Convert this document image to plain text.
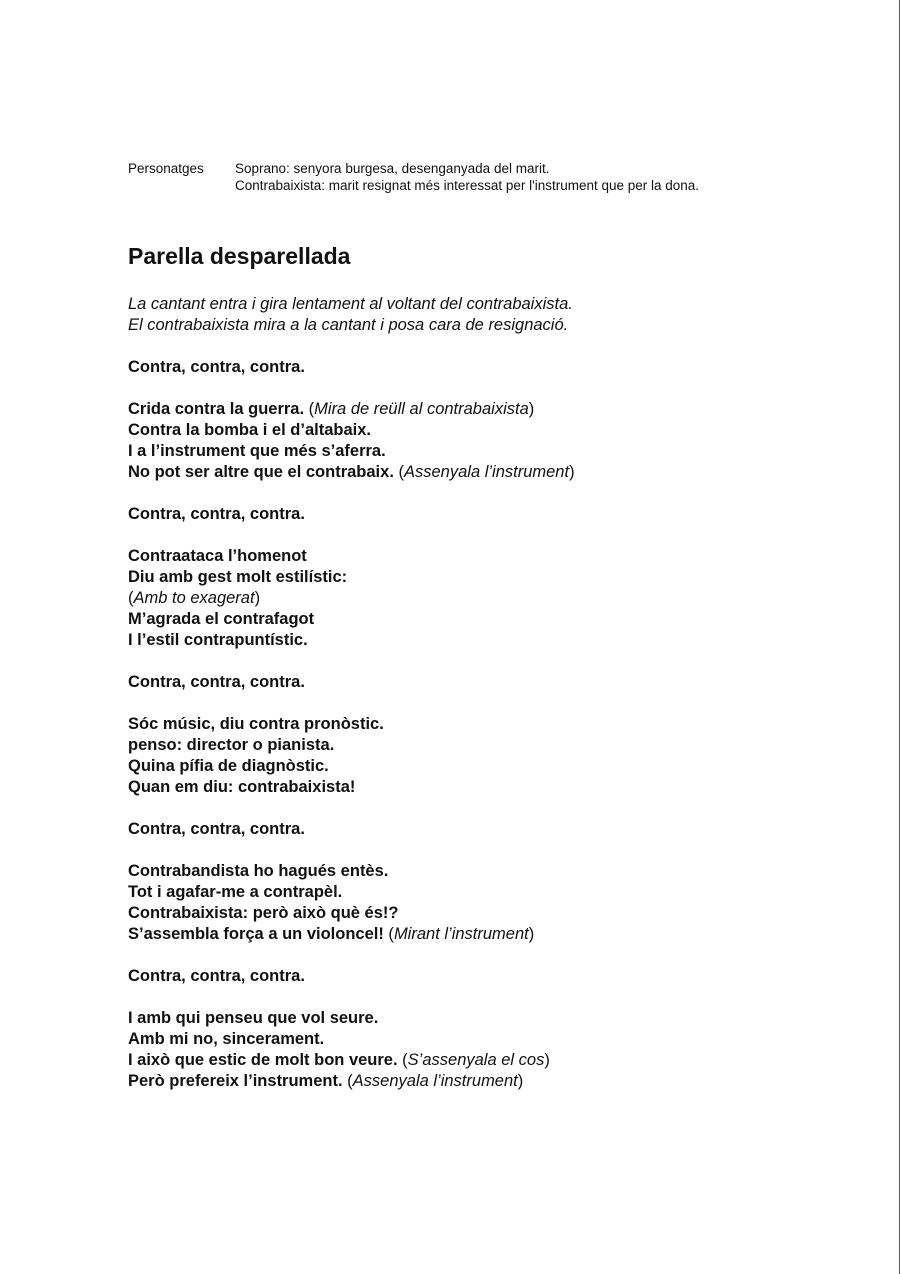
Personatges Soprano: senyora burgesa, desenganyada del marit.
Contrabaixista: marit resignat més interessat per l'instrument que per la dona.
Parella desparellada
La cantant entra i gira lentament al voltant del contrabaixista.
El contrabaixista mira a la cantant i posa cara de resignació.
Contra, contra, contra.
Crida contra la guerra. (Mira de reüll al contrabaixista)
Contra la bomba i el d’altabaix.
I a l’instrument que més s’aferra.
No pot ser altre que el contrabaix. (Assenyala l’instrument)
Contra, contra, contra.
Contraataca l’homenot
Diu amb gest molt estilístic:
(Amb to exagerat)
M’agrada el contrafagot
I l’estil contrapuntístic.
Contra, contra, contra.
Sóc músic, diu contra pronòstic.
penso: director o pianista.
Quina pífia de diagnòstic.
Quan em diu: contrabaixista!
Contra, contra, contra.
Contrabandista ho hagués entès.
Tot i agafar-me a contrapèl.
Contrabaixista: però això què és!?
S’assembla força a un violoncel! (Mirant l’instrument)
Contra, contra, contra.
I amb qui penseu que vol seure.
Amb mi no, sincerament.
I això que estic de molt bon veure. (S’assenyala el cos)
Però prefereix l’instrument. (Assenyala l’instrument)
